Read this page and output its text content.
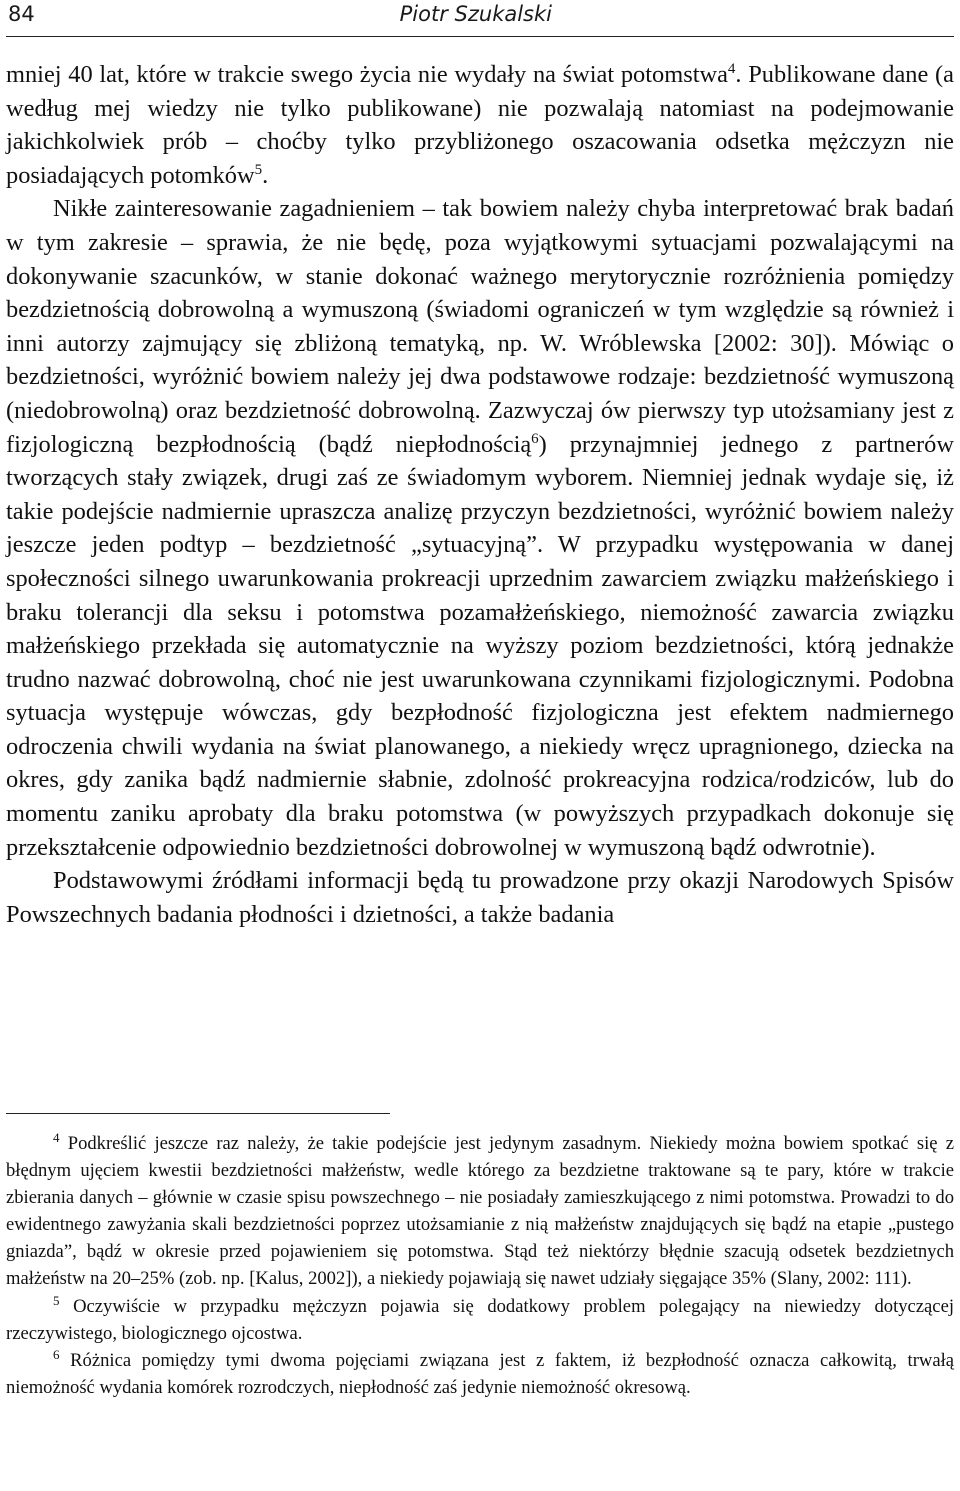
84	Piotr Szukalski

mniej 40 lat, które w trakcie swego życia nie wydały na świat potomstwa$^4$. Publikowane dane (a według mej wiedzy nie tylko publikowane) nie pozwalają natomiast na podejmowanie jakichkolwiek prób – choćby tylko przybliżonego oszacowania odsetka mężczyzn nie posiadających potomków$^5$.

Nikłe zainteresowanie zagadnieniem – tak bowiem należy chyba interpretować brak badań w tym zakresie – sprawia, że nie będę, poza wyjątkowymi sytuacjami pozwalającymi na dokonywanie szacunków, w stanie dokonać ważnego merytorycznie rozróżnienia pomiędzy bezdzietnością dobrowolną a wymuszoną (świadomi ograniczeń w tym względzie są również i inni autorzy zajmujący się zbliżoną tematyką, np. W. Wróblewska [2002: 30]). Mówiąc o bezdzietności, wyróżnić bowiem należy jej dwa podstawowe rodzaje: bezdzietność wymuszoną (niedobrowolną) oraz bezdzietność dobrowolną. Zazwyczaj ów pierwszy typ utożsamiany jest z fizjologiczną bezpłodnością (bądź niepłodnością$^6$) przynajmniej jednego z partnerów tworzących stały związek, drugi zaś ze świadomym wyborem. Niemniej jednak wydaje się, iż takie podejście nadmiernie upraszcza analizę przyczyn bezdzietności, wyróżnić bowiem należy jeszcze jeden podtyp – bezdzietność „sytuacyjną”. W przypadku występowania w danej społeczności silnego uwarunkowania prokreacji uprzednim zawarciem związku małżeńskiego i braku tolerancji dla seksu i potomstwa pozamałżeńskiego, niemożność zawarcia związku małżeńskiego przekłada się automatycznie na wyższy poziom bezdzietności, którą jednakże trudno nazwać dobrowolną, choć nie jest uwarunkowana czynnikami fizjologicznymi. Podobna sytuacja występuje wówczas, gdy bezpłodność fizjologiczna jest efektem nadmiernego odroczenia chwili wydania na świat planowanego, a niekiedy wręcz upragnionego, dziecka na okres, gdy zanika bądź nadmiernie słabnie, zdolność prokreacyjna rodzica/rodziców, lub do momentu zaniku aprobaty dla braku potomstwa (w powyższych przypadkach dokonuje się przekształcenie odpowiednio bezdzietności dobrowolnej w wymuszoną bądź odwrotnie).

Podstawowymi źródłami informacji będą tu prowadzone przy okazji Narodowych Spisów Powszechnych badania płodności i dzietności, a także badania

$^4$ Podkreślić jeszcze raz należy, że takie podejście jest jedynym zasadnym. Niekiedy można bowiem spotkać się z błędnym ujęciem kwestii bezdzietności małżeństw, wedle którego za bezdzietne traktowane są te pary, które w trakcie zbierania danych – głównie w czasie spisu powszechnego – nie posiadały zamieszkującego z nimi potomstwa. Prowadzi to do ewidentnego zawyżania skali bezdzietności poprzez utożsamianie z nią małżeństw znajdujących się bądź na etapie „pustego gniazda”, bądź w okresie przed pojawieniem się potomstwa. Stąd też niektórzy błędnie szacują odsetek bezdzietnych małżeństw na 20–25% (zob. np. [Kalus, 2002]), a niekiedy pojawiają się nawet udziały sięgające 35% (Slany, 2002: 111).

$^5$ Oczywiście w przypadku mężczyzn pojawia się dodatkowy problem polegający na niewiedzy dotyczącej rzeczywistego, biologicznego ojcostwa.

$^6$ Różnica pomiędzy tymi dwoma pojęciami związana jest z faktem, iż bezpłodność oznacza całkowitą, trwałą niemożność wydania komórek rozrodczych, niepłodność zaś jedynie niemożność okresową.
